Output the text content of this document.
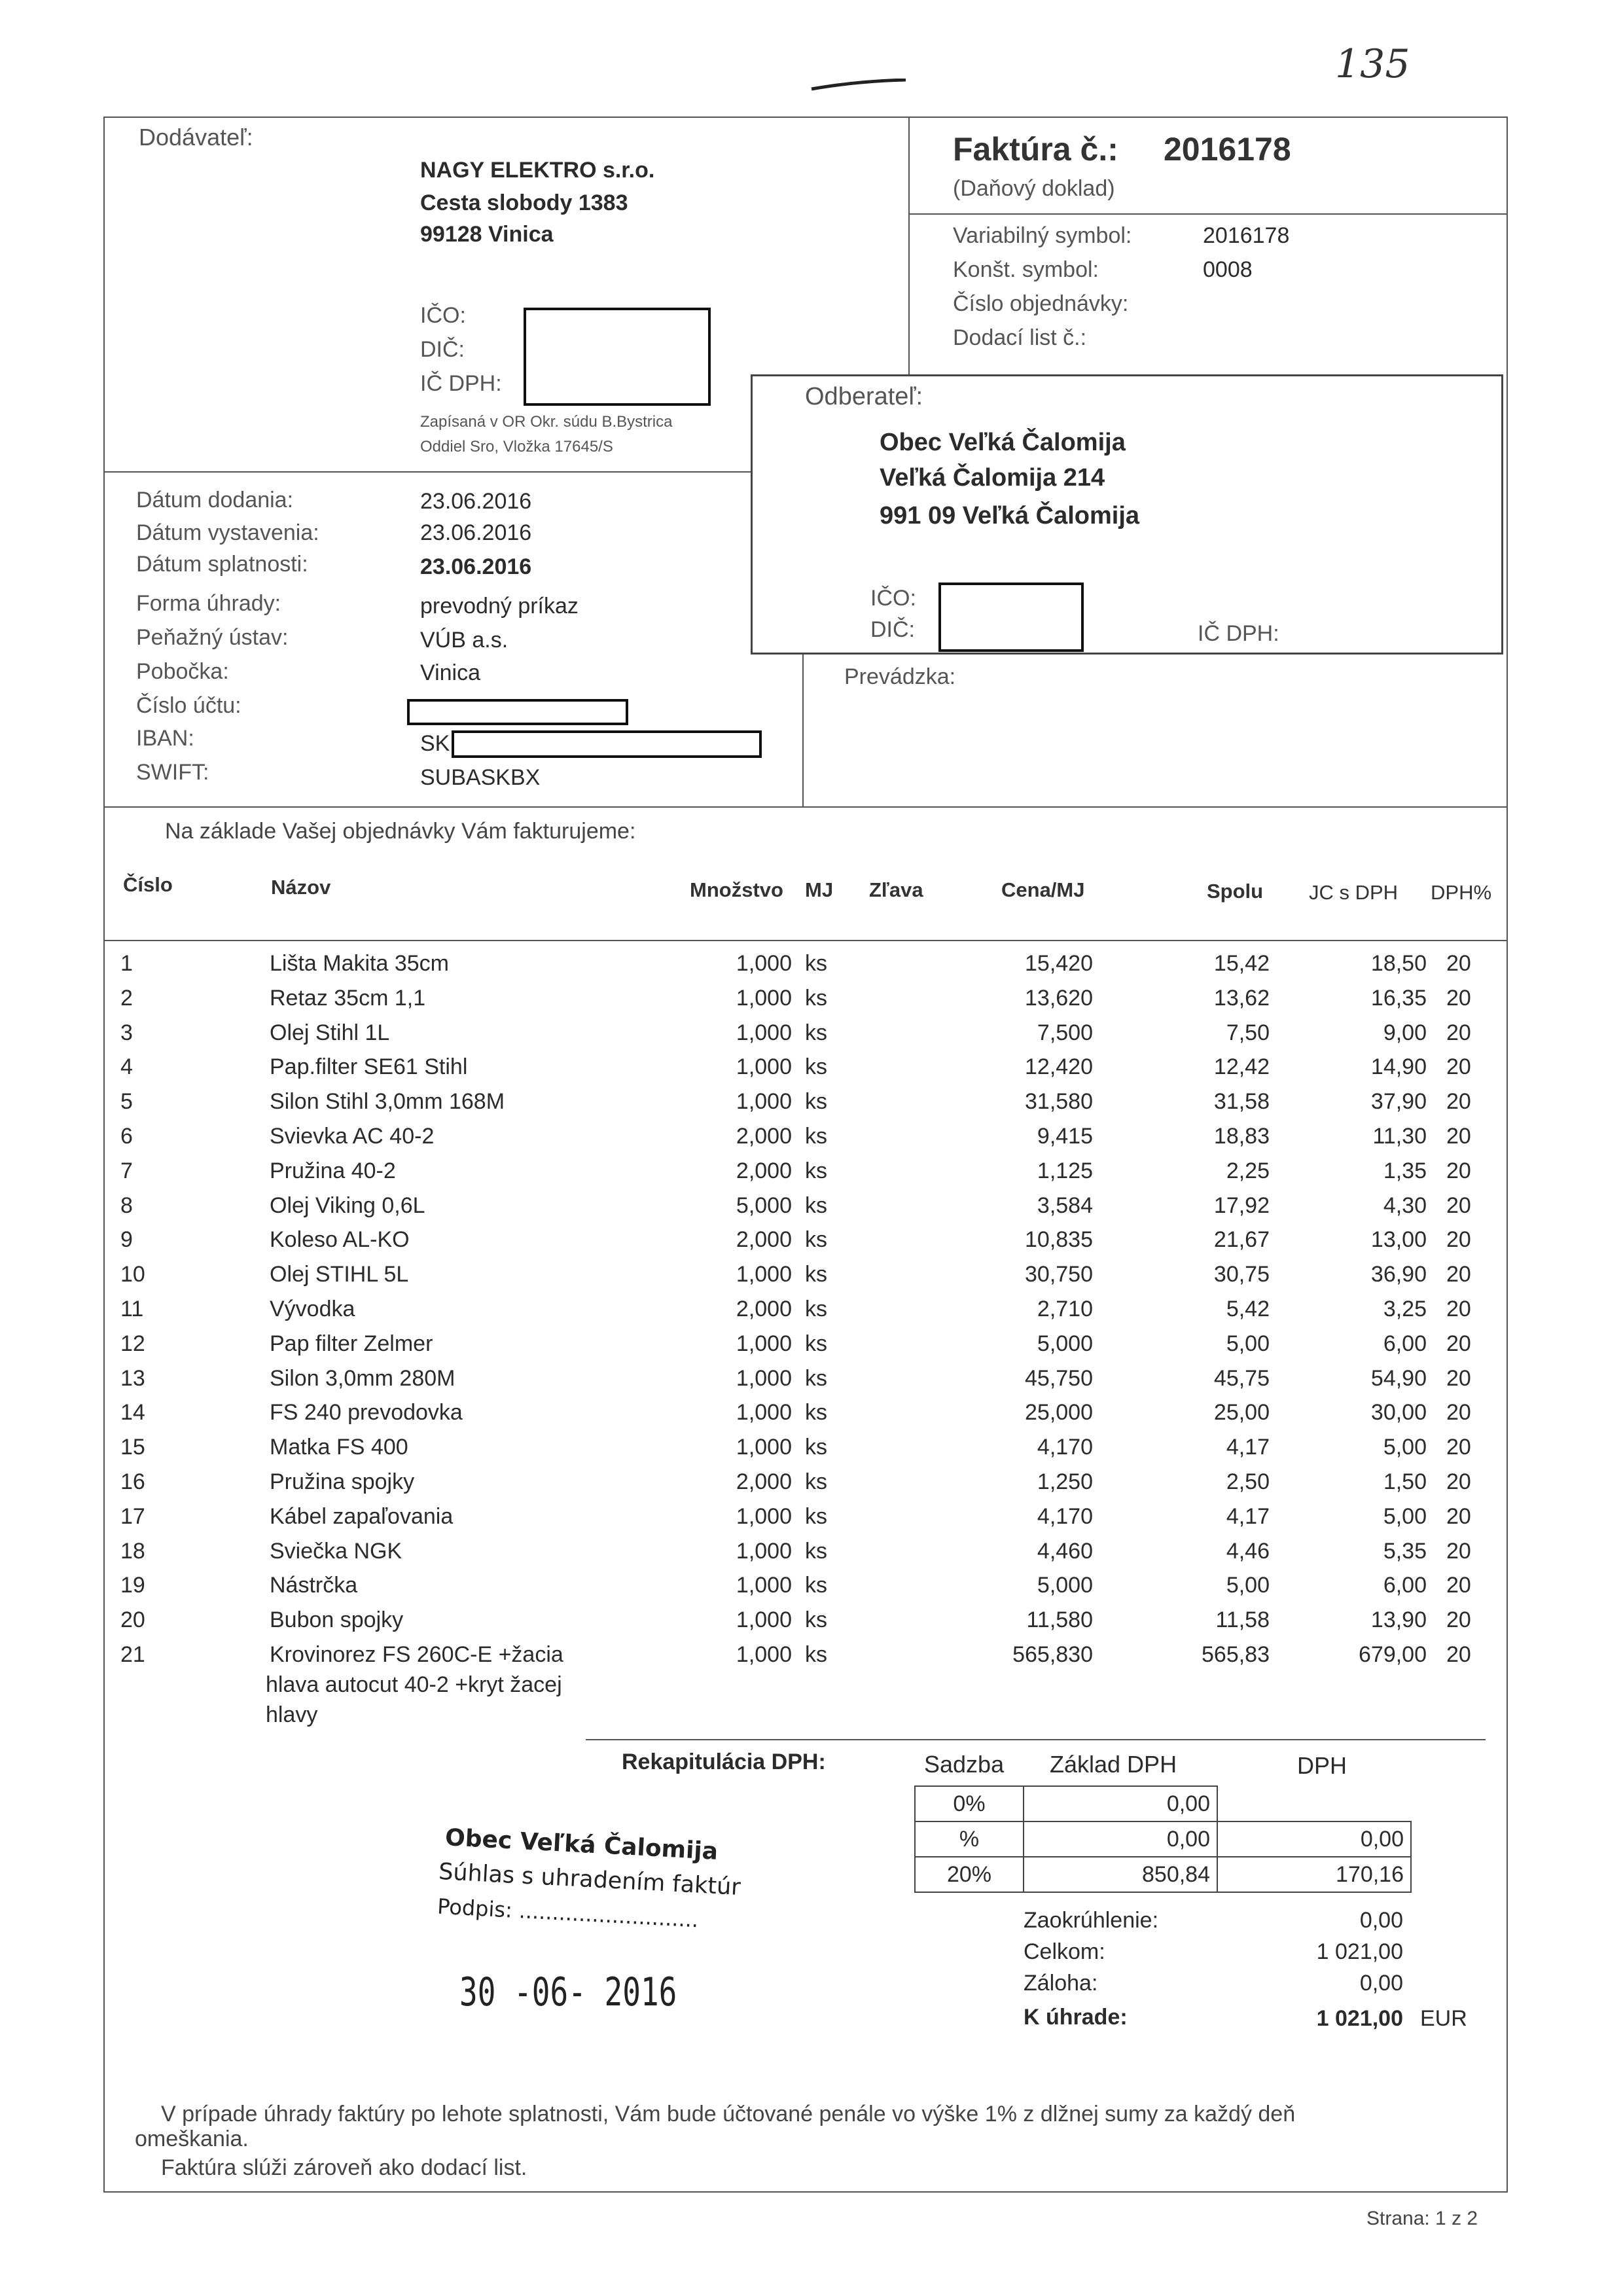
135
Dodávateľ:
NAGY ELEKTRO s.r.o.
Cesta slobody 1383
99128 Vinica
IČO:
DIČ:
IČ DPH:
Zapísaná v OR Okr. súdu B.Bystrica
Oddiel Sro, Vložka 17645/S
Faktúra č.: 2016178
(Daňový doklad)
Variabilný symbol:	2016178
Konšt. symbol:	0008
Číslo objednávky:
Dodací list č.:
Odberateľ:
Obec Veľká Čalomija
Veľká Čalomija 214
991 09 Veľká Čalomija
IČO:
DIČ:	IČ DPH:
Prevádzka:
Dátum dodania:	23.06.2016
Dátum vystavenia:	23.06.2016
Dátum splatnosti:	23.06.2016
Forma úhrady:	prevodný príkaz
Peňažný ústav:	VÚB a.s.
Pobočka:	Vinica
Číslo účtu:
IBAN:	SK
SWIFT:	SUBASKBX
Na základe Vašej objednávky Vám fakturujeme:
Číslo	Názov	Množstvo MJ Zľava	Cena/MJ	Spolu JC s DPH DPH%
1	Lišta Makita 35cm	1,000 ks	15,420	15,42	18,50 20
2	Retaz 35cm 1,1	1,000 ks	13,620	13,62	16,35 20
3	Olej Stihl 1L	1,000 ks	7,500	7,50	9,00 20
4	Pap.filter SE61 Stihl	1,000 ks	12,420	12,42	14,90 20
5	Silon Stihl 3,0mm 168M	1,000 ks	31,580	31,58	37,90 20
6	Svievka AC 40-2	2,000 ks	9,415	18,83	11,30 20
7	Pružina 40-2	2,000 ks	1,125	2,25	1,35 20
8	Olej Viking 0,6L	5,000 ks	3,584	17,92	4,30 20
9	Koleso AL-KO	2,000 ks	10,835	21,67	13,00 20
10	Olej STIHL 5L	1,000 ks	30,750	30,75	36,90 20
11	Vývodka	2,000 ks	2,710	5,42	3,25 20
12	Pap filter Zelmer	1,000 ks	5,000	5,00	6,00 20
13	Silon 3,0mm 280M	1,000 ks	45,750	45,75	54,90 20
14	FS 240 prevodovka	1,000 ks	25,000	25,00	30,00 20
15	Matka FS 400	1,000 ks	4,170	4,17	5,00 20
16	Pružina spojky	2,000 ks	1,250	2,50	1,50 20
17	Kábel zapaľovania	1,000 ks	4,170	4,17	5,00 20
18	Sviečka NGK	1,000 ks	4,460	4,46	5,35 20
19	Nástrčka	1,000 ks	5,000	5,00	6,00 20
20	Bubon spojky	1,000 ks	11,580	11,58	13,90 20
21	Krovinorez FS 260C-E +žacia	1,000 ks	565,830	565,83	679,00 20
hlava autocut 40-2 +kryt žacej
hlavy
Rekapitulácia DPH:	Sadzba Základ DPH	DPH
0%	0,00	
%	0,00	0,00
20%	850,84	170,16
Zaokrúhlenie:	0,00
Celkom:	1 021,00
Záloha:	0,00
K úhrade:	1 021,00 EUR
Obec Veľká Čalomija
Súhlas s uhradením faktúr
Podpis: ...........................
30 -06- 2016
V prípade úhrady faktúry po lehote splatnosti, Vám bude účtované penále vo výške 1% z dlžnej sumy za každý deň
omeškania.
Faktúra slúži zároveň ako dodací list.
Strana: 1 z 2
